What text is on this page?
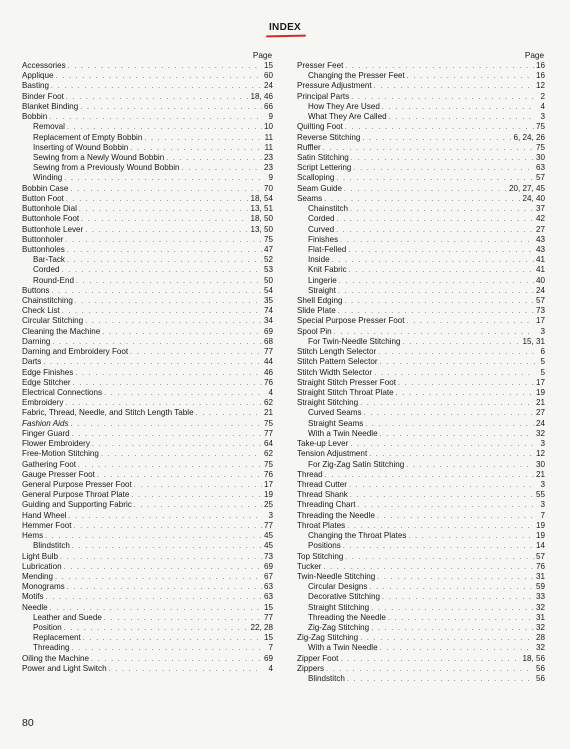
INDEX
Page
Accessories . . .	15
Applique . . .	60
Basting . . .	24
Binder Foot . . .	18, 46
Blanket Binding . . .	66
Bobbin . . .	9
Removal . . .	10
Replacement of Empty Bobbin . . .	11
Inserting of Wound Bobbin . . .	11
Sewing from a Newly Wound Bobbin . . .	23
Sewing from a Previously Wound Bobbin . . .	23
Winding . . .	9
Bobbin Case . . .	70
Button Foot . . .	18, 54
Buttonhole Dial . . .	13, 51
Buttonhole Foot . . .	18, 50
Buttonhole Lever . . .	13, 50
Buttonholer . . .	75
Buttonholes . . .	47
Bar-Tack . . .	52
Corded . . .	53
Round-End . . .	50
Buttons . . .	54
Chainstitching . . .	35
Check List . . .	74
Circular Stitching . . .	34
Cleaning the Machine . . .	69
Darning . . .	68
Darning and Embroidery Foot . . .	77
Darts . . .	44
Edge Finishes . . .	46
Edge Stitcher . . .	76
Electrical Connections . . .	4
Embroidery . . .	62
Fabric, Thread, Needle, and Stitch Length Table . . .	21
Fashion Aids . . .	75
Finger Guard . . .	77
Flower Embroidery . . .	64
Free-Motion Stitching . . .	62
Gathering Foot . . .	75
Gauge Presser Foot . . .	76
General Purpose Presser Foot . . .	17
General Purpose Throat Plate . . .	19
Guiding and Supporting Fabric . . .	25
Hand Wheel . . .	3
Hemmer Foot . . .	77
Hems . . .	45
Blindstitch . . .	45
Light Bulb . . .	73
Lubrication . . .	69
Mending . . .	67
Monograms . . .	63
Motifs . . .	63
Needle . . .	15
Leather and Suede . . .	77
Position . . .	22, 28
Replacement . . .	15
Threading . . .	7
Oiling the Machine . . .	69
Power and Light Switch . . .	4
Page
Presser Feet . . .	16
Changing the Presser Feet . . .	16
Pressure Adjustment . . .	12
Principal Parts . . .	2
How They Are Used . . .	4
What They Are Called . . .	3
Quilting Foot . . .	75
Reverse Stitching . . .	6, 24, 26
Ruffler . . .	75
Satin Stitching . . .	30
Script Lettering . . .	63
Scalloping . . .	57
Seam Guide . . .	20, 27, 45
Seams . . .	24, 40
Chainstitch . . .	37
Corded . . .	42
Curved . . .	27
Finishes . . .	43
Flat-Felled . . .	43
Inside . . .	41
Knit Fabric . . .	41
Lingerie . . .	40
Straight . . .	24
Shell Edging . . .	57
Slide Plate . . .	73
Special Purpose Presser Foot . . .	17
Spool Pin . . .	3
For Twin-Needle Stitching . . .	15, 31
Stitch Length Selector . . .	6
Stitch Pattern Selector . . .	5
Stitch Width Selector . . .	5
Straight Stitch Presser Foot . . .	17
Straight Stitch Throat Plate . . .	19
Straight Stitching . . .	21
Curved Seams . . .	27
Straight Seams . . .	24
With a Twin Needle . . .	32
Take-up Lever . . .	3
Tension Adjustment . . .	12
For Zig-Zag Satin Stitching . . .	30
Thread . . .	21
Thread Cutter . . .	3
Thread Shank . . .	55
Threading Chart . . .	3
Threading the Needle . . .	7
Throat Plates . . .	19
Changing the Throat Plates . . .	19
Positions . . .	14
Top Stitching . . .	57
Tucker . . .	76
Twin-Needle Stitching . . .	31
Circular Designs . . .	59
Decorative Stitching . . .	33
Straight Stitching . . .	32
Threading the Needle . . .	31
Zig-Zag Stitching . . .	32
Zig-Zag Stitching . . .	28
With a Twin Needle . . .	32
Zipper Foot . . .	18, 56
Zippers . . .	56
Blindstitch . . .	56
80
